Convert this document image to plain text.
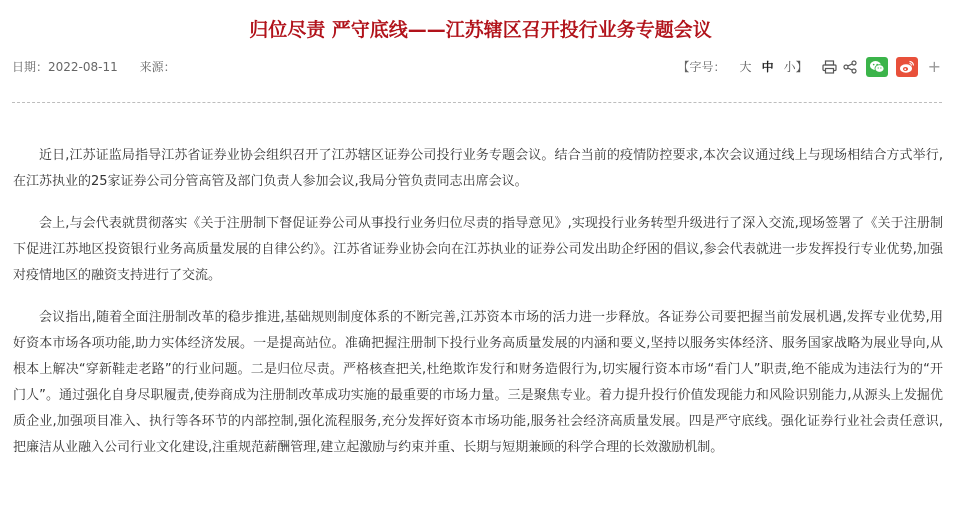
归位尽责 严守底线——江苏辖区召开投行业务专题会议
日期：2022-08-11 来源：	【字号： 大 中 小】	+

近日,江苏证监局指导江苏省证券业协会组织召开了江苏辖区证券公司投行业务专题会议。结合当前的疫情防控要求,本次会议通过线上与现场相结合方式举行,在江苏执业的25家证券公司分管高管及部门负责人参加会议,我局分管负责同志出席会议。

会上,与会代表就贯彻落实《关于注册制下督促证券公司从事投行业务归位尽责的指导意见》,实现投行业务转型升级进行了深入交流,现场签署了《关于注册制下促进江苏地区投资银行业务高质量发展的自律公约》。江苏省证券业协会向在江苏执业的证券公司发出助企纾困的倡议,参会代表就进一步发挥投行专业优势,加强对疫情地区的融资支持进行了交流。

会议指出,随着全面注册制改革的稳步推进,基础规则制度体系的不断完善,江苏资本市场的活力进一步释放。各证券公司要把握当前发展机遇,发挥专业优势,用好资本市场各项功能,助力实体经济发展。一是提高站位。准确把握注册制下投行业务高质量发展的内涵和要义,坚持以服务实体经济、服务国家战略为展业导向,从根本上解决“穿新鞋走老路”的行业问题。二是归位尽责。严格核查把关,杜绝欺诈发行和财务造假行为,切实履行资本市场“看门人”职责,绝不能成为违法行为的“开门人”。通过强化自身尽职履责,使券商成为注册制改革成功实施的最重要的市场力量。三是聚焦专业。着力提升投行价值发现能力和风险识别能力,从源头上发掘优质企业,加强项目准入、执行等各环节的内部控制,强化流程服务,充分发挥好资本市场功能,服务社会经济高质量发展。四是严守底线。强化证券行业社会责任意识,把廉洁从业融入公司行业文化建设,注重规范薪酬管理,建立起激励与约束并重、长期与短期兼顾的科学合理的长效激励机制。
